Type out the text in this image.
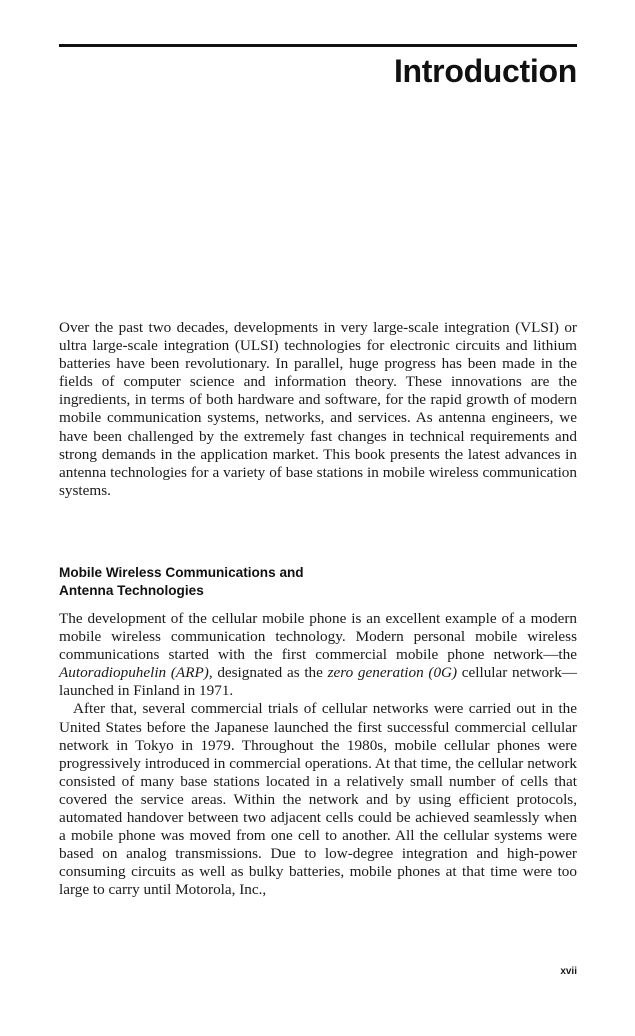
Introduction

Over the past two decades, developments in very large-scale integration (VLSI) or ultra large-scale integration (ULSI) technologies for electronic circuits and lithium batteries have been revolutionary. In parallel, huge progress has been made in the fields of computer science and information theory. These innovations are the ingredients, in terms of both hardware and software, for the rapid growth of modern mobile communication systems, networks, and services. As antenna engineers, we have been challenged by the extremely fast changes in technical requirements and strong demands in the application market. This book presents the latest advances in antenna technologies for a variety of base stations in mobile wireless communication systems.

Mobile Wireless Communications and
Antenna Technologies

The development of the cellular mobile phone is an excellent example of a modern mobile wireless communication technology. Modern personal mobile wireless communications started with the first commercial mobile phone network—the Autoradiopuhelin (ARP), designated as the zero generation (0G) cellular network—launched in Finland in 1971.

After that, several commercial trials of cellular networks were carried out in the United States before the Japanese launched the first successful commercial cellular network in Tokyo in 1979. Throughout the 1980s, mobile cellular phones were progressively introduced in commercial operations. At that time, the cellular network consisted of many base stations located in a relatively small number of cells that covered the service areas. Within the network and by using efficient protocols, automated handover between two adjacent cells could be achieved seamlessly when a mobile phone was moved from one cell to another. All the cellular systems were based on analog transmissions. Due to low-degree integration and high-power consuming circuits as well as bulky batteries, mobile phones at that time were too large to carry until Motorola, Inc.,

xvii
